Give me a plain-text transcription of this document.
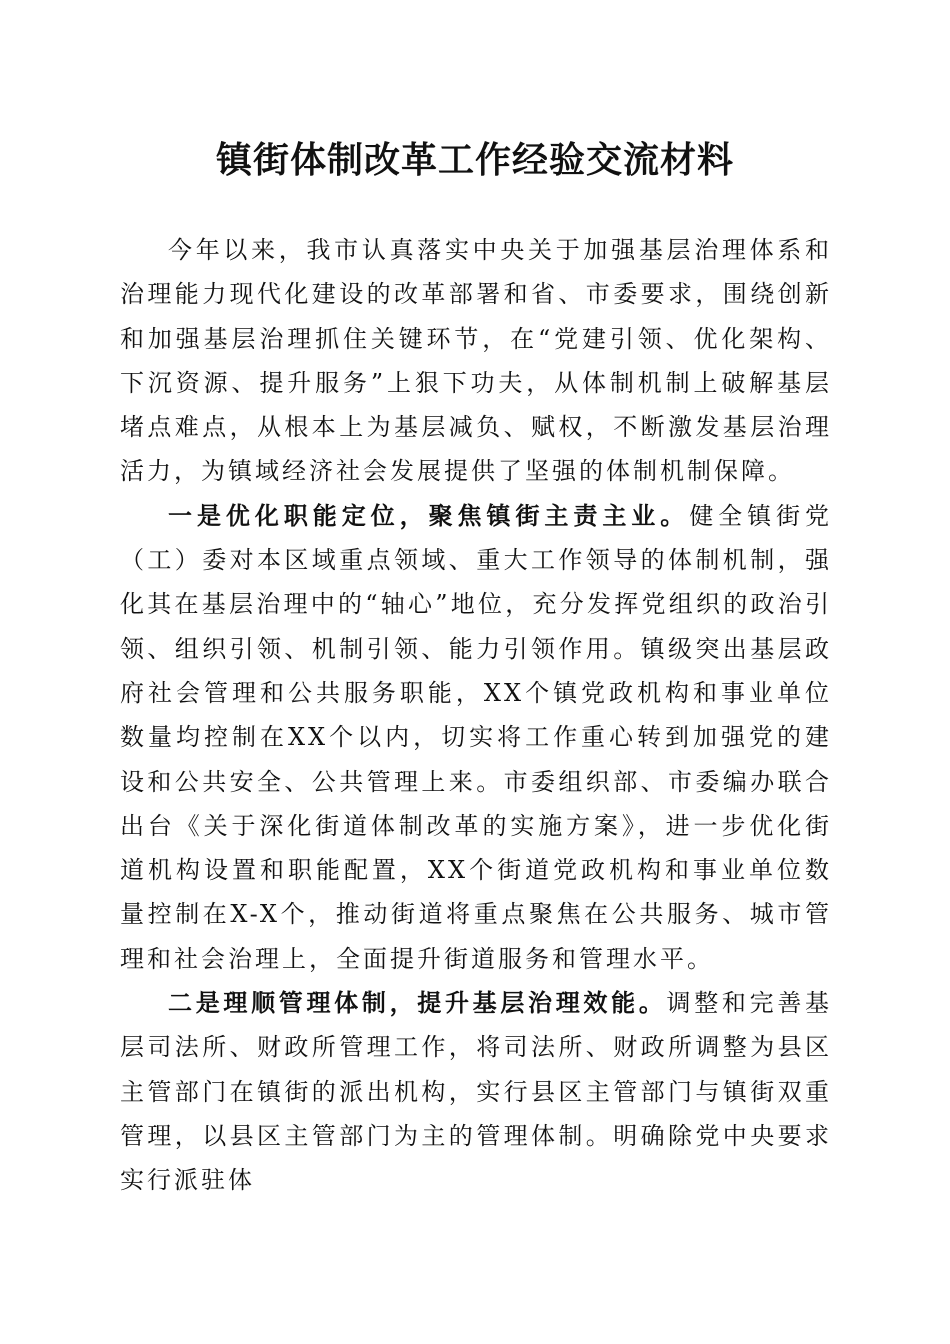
镇街体制改革工作经验交流材料

今年以来，我市认真落实中央关于加强基层治理体系和治理能力现代化建设的改革部署和省、市委要求，围绕创新和加强基层治理抓住关键环节，在“党建引领、优化架构、下沉资源、提升服务”上狠下功夫，从体制机制上破解基层堵点难点，从根本上为基层减负、赋权，不断激发基层治理活力，为镇域经济社会发展提供了坚强的体制机制保障。

一是优化职能定位，聚焦镇街主责主业。健全镇街党（工）委对本区域重点领域、重大工作领导的体制机制，强化其在基层治理中的“轴心”地位，充分发挥党组织的政治引领、组织引领、机制引领、能力引领作用。镇级突出基层政府社会管理和公共服务职能，XX个镇党政机构和事业单位数量均控制在XX个以内，切实将工作重心转到加强党的建设和公共安全、公共管理上来。市委组织部、市委编办联合出台《关于深化街道体制改革的实施方案》，进一步优化街道机构设置和职能配置，XX个街道党政机构和事业单位数量控制在X-X个，推动街道将重点聚焦在公共服务、城市管理和社会治理上，全面提升街道服务和管理水平。

二是理顺管理体制，提升基层治理效能。调整和完善基层司法所、财政所管理工作，将司法所、财政所调整为县区主管部门在镇街的派出机构，实行县区主管部门与镇街双重管理，以县区主管部门为主的管理体制。明确除党中央要求实行派驻体
